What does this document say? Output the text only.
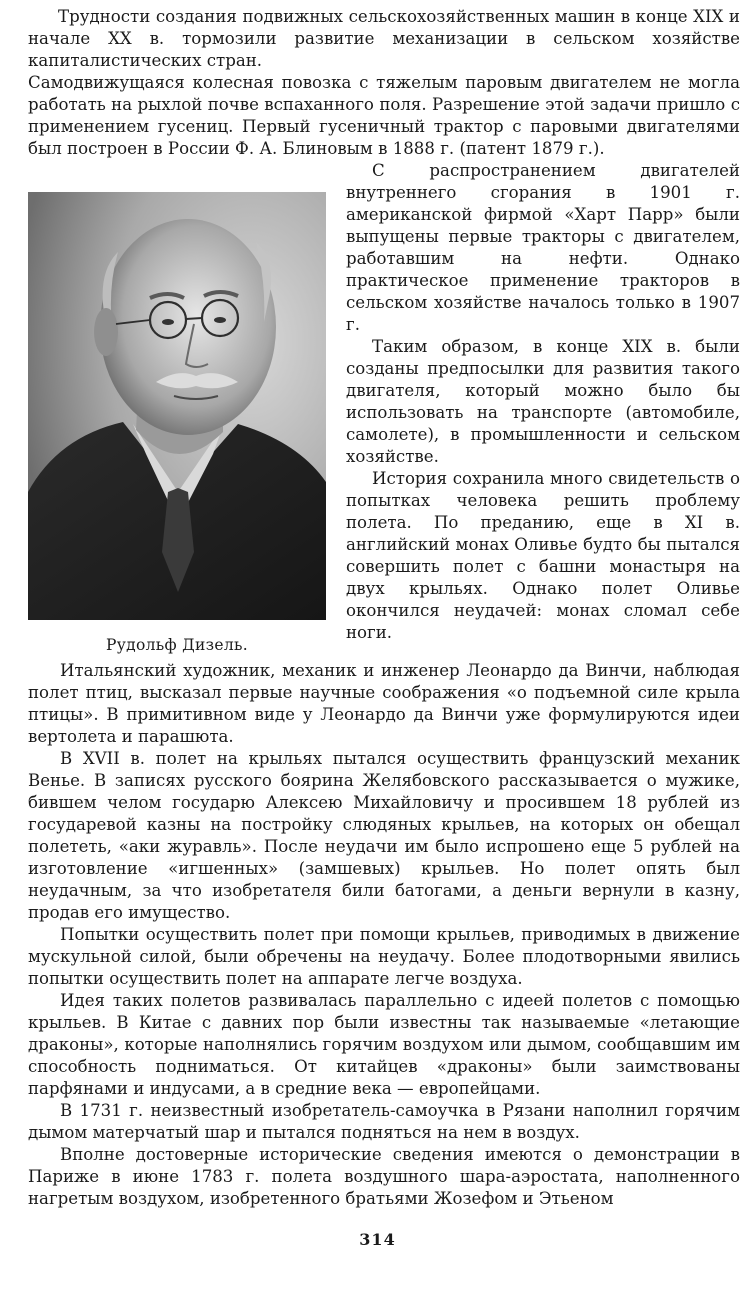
Трудности создания подвижных сельскохозяйственных машин в конце XIX и начале XX в. тормозили развитие механизации в сельском хозяйстве капиталистических стран.

Самодвижущаяся колесная повозка с тяжелым паровым двигателем не могла работать на рыхлой почве вспаханного поля. Разрешение этой задачи пришло с применением гусениц. Первый гусеничный трактор с паровыми двигателями был построен в России Ф. А. Блиновым в 1888 г. (патент 1879 г.).

Рудольф Дизель.

С распространением двигателей внутреннего сгорания в 1901 г. американской фирмой «Харт Парр» были выпущены первые тракторы с двигателем, работавшим на нефти. Однако практическое применение тракторов в сельском хозяйстве началось только в 1907 г.

Таким образом, в конце XIX в. были созданы предпосылки для развития такого двигателя, который можно было бы использовать на транспорте (автомобиле, самолете), в промышленности и сельском хозяйстве.

История сохранила много свидетельств о попытках человека решить проблему полета. По преданию, еще в XI в. английский монах Оливье будто бы пытался совершить полет с башни монастыря на двух крыльях. Однако полет Оливье окончился неудачей: монах сломал себе ноги.

Итальянский художник, механик и инженер Леонардо да Винчи, наблюдая полет птиц, высказал первые научные соображения «о подъемной силе крыла птицы». В примитивном виде у Леонардо да Винчи уже формулируются идеи вертолета и парашюта.

В XVII в. полет на крыльях пытался осуществить французский механик Венье. В записях русского боярина Желябовского рассказывается о мужике, бившем челом государю Алексею Михайловичу и просившем 18 рублей из государевой казны на постройку слюдяных крыльев, на которых он обещал полететь, «аки журавль». После неудачи им было испрошено еще 5 рублей на изготовление «игшенных» (замшевых) крыльев. Но полет опять был неудачным, за что изобретателя били батогами, а деньги вернули в казну, продав его имущество.

Попытки осуществить полет при помощи крыльев, приводимых в движение мускульной силой, были обречены на неудачу. Более плодотворными явились попытки осуществить полет на аппарате легче воздуха.

Идея таких полетов развивалась параллельно с идеей полетов с помощью крыльев. В Китае с давних пор были известны так называемые «летающие драконы», которые наполнялись горячим воздухом или дымом, сообщавшим им способность подниматься. От китайцев «драконы» были заимствованы парфянами и индусами, а в средние века — европейцами.

В 1731 г. неизвестный изобретатель-самоучка в Рязани наполнил горячим дымом матерчатый шар и пытался подняться на нем в воздух.

Вполне достоверные исторические сведения имеются о демонстрации в Париже в июне 1783 г. полета воздушного шара-аэростата, наполненного нагретым воздухом, изобретенного братьями Жозефом и Этьеном

314
